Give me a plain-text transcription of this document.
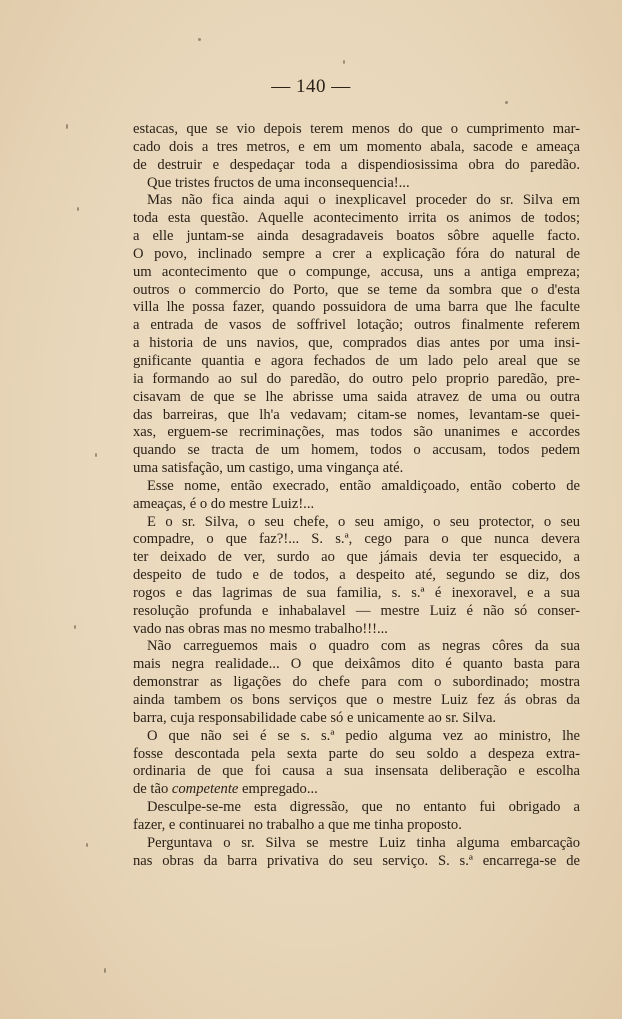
— 140 —
estacas, que se vio depois terem menos do que o cumprimento mar-
cado dois a tres metros, e em um momento abala, sacode e ameaça
de destruir e despedaçar toda a dispendiosissima obra do paredão.
Que tristes fructos de uma inconsequencia!...
Mas não fica ainda aqui o inexplicavel proceder do sr. Silva em
toda esta questão. Aquelle acontecimento irrita os animos de todos;
a elle juntam-se ainda desagradaveis boatos sôbre aquelle facto.
O povo, inclinado sempre a crer a explicação fóra do natural de
um acontecimento que o compunge, accusa, uns a antiga empreza;
outros o commercio do Porto, que se teme da sombra que o d'esta
villa lhe possa fazer, quando possuidora de uma barra que lhe faculte
a entrada de vasos de soffrivel lotação; outros finalmente referem
a historia de uns navios, que, comprados dias antes por uma insi-
gnificante quantia e agora fechados de um lado pelo areal que se
ia formando ao sul do paredão, do outro pelo proprio paredão, pre-
cisavam de que se lhe abrisse uma saida atravez de uma ou outra
das barreiras, que lh'a vedavam; citam-se nomes, levantam-se quei-
xas, erguem-se recriminações, mas todos são unanimes e accordes
quando se tracta de um homem, todos o accusam, todos pedem
uma satisfação, um castigo, uma vingança até.
Esse nome, então execrado, então amaldiçoado, então coberto de
ameaças, é o do mestre Luiz!...
E o sr. Silva, o seu chefe, o seu amigo, o seu protector, o seu
compadre, o que faz?!... S. s.ª, cego para o que nunca devera
ter deixado de ver, surdo ao que jámais devia ter esquecido, a
despeito de tudo e de todos, a despeito até, segundo se diz, dos
rogos e das lagrimas de sua familia, s. s.ª é inexoravel, e a sua
resolução profunda e inhabalavel — mestre Luiz é não só conser-
vado nas obras mas no mesmo trabalho!!!...
Não carreguemos mais o quadro com as negras côres da sua
mais negra realidade... O que deixâmos dito é quanto basta para
demonstrar as ligações do chefe para com o subordinado; mostra
ainda tambem os bons serviços que o mestre Luiz fez ás obras da
barra, cuja responsabilidade cabe só e unicamente ao sr. Silva.
O que não sei é se s. s.ª pedio alguma vez ao ministro, lhe
fosse descontada pela sexta parte do seu soldo a despeza extra-
ordinaria de que foi causa a sua insensata deliberação e escolha
de tão competente empregado...
Desculpe-se-me esta digressão, que no entanto fui obrigado a
fazer, e continuarei no trabalho a que me tinha proposto.
Perguntava o sr. Silva se mestre Luiz tinha alguma embarcação
nas obras da barra privativa do seu serviço. S. s.ª encarrega-se de
